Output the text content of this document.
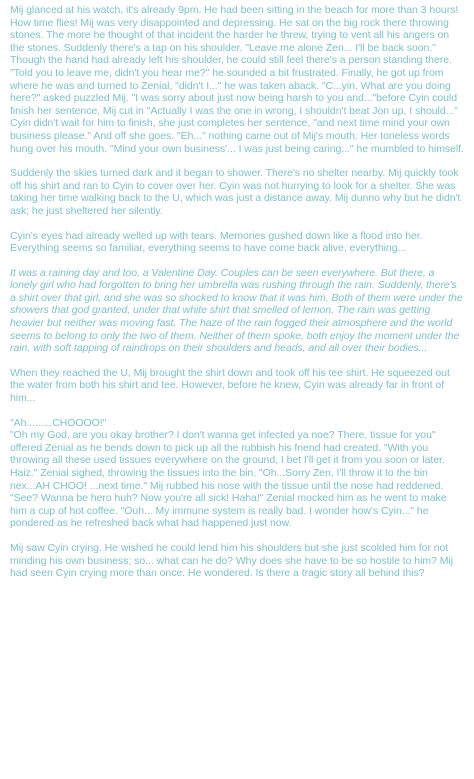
Mij glanced at his watch, it's already 9pm. He had been sitting in the beach for more than 3 hours! How time flies! Mij was very disappointed and depressing. He sat on the big rock there throwing stones. The more he thought of that incident the harder he threw, trying to vent all his angers on the stones. Suddenly there's a tap on his shoulder. "Leave me alone Zen... I'll be back soon." Though the hand had already left his shoulder, he could still feel there's a person standing there. "Told you to leave me, didn't you hear me?" he sounded a bit frustrated. Finally, he got up from where he was and turned to Zenial, "didn't I..." he was taken aback. "C...yin. What are you doing here?" asked puzzled Mij. "I was sorry about just now being harsh to you and..."before Cyin could finish her sentence, Mij cut in "Actually I was the one in wrong, I shouldn't beat Jon up, I should..." Cyin didn't wait for him to finish, she just completes her sentence, "and next time mind your own business please." And off she goes. "Eh..." nothing came out of Mij's mouth. Her toneless words hung over his mouth. "Mind your own business'... I was just being caring..." he mumbled to himself.

Suddenly the skies turned dark and it began to shower. There's no shelter nearby. Mij quickly took off his shirt and ran to Cyin to cover over her. Cyin was not hurrying to look for a shelter. She was taking her time walking back to the U, which was just a distance away. Mij dunno why but he didn't ask; he just sheltered her silently.

Cyin's eyes had already welled up with tears. Memories gushed down like a flood into her. Everything seems so familiar, everything seems to have come back alive, everything...

It was a raining day and too, a Valentine Day. Couples can be seen everywhere. But there, a lonely girl who had forgotten to bring her umbrella was rushing through the rain. Suddenly, there's a shirt over that girl, and she was so shocked to know that it was him. Both of them were under the showers that god granted, under that white shirt that smelled of lemon. The rain was getting heavier but neither was moving fast. The haze of the rain fogged their atmosphere and the world seems to belong to only the two of them. Neither of them spoke, both enjoy the moment under the rain, with soft tapping of raindrops on their shoulders and heads, and all over their bodies...

When they reached the U, Mij brought the shirt down and took off his tee shirt. He squeezed out the water from both his shirt and tee. However, before he knew, Cyin was already far in front of him...

"Ah.........CHOOOO!"
"Oh my God, are you okay brother? I don't wanna get infected ya noe? There, tissue for you" offered Zenial as he bends down to pick up all the rubbish his friend had created. "With you throwing all these used tissues everywhere on the ground, I bet I'll get it from you soon or later. Haiz." Zenial sighed, throwing the tissues into the bin. "Oh...Sorry Zen, I'll throw it to the bin nex...AH CHOO! ...next time." Mij rubbed his nose with the tissue until the nose had reddened. "See? Wanna be hero huh? Now you're all sick! Haha!" Zenial mocked him as he went to make him a cup of hot coffee. "Ouh... My immune system is really bad. I wonder how's Cyin..." he pondered as he refreshed back what had happened just now.

Mij saw Cyin crying. He wished he could lend him his shoulders but she just scolded him for not minding his own business; so... what can he do? Why does she have to be so hostile to him? Mij had seen Cyin crying more than once. He wondered. Is there a tragic story all behind this?
